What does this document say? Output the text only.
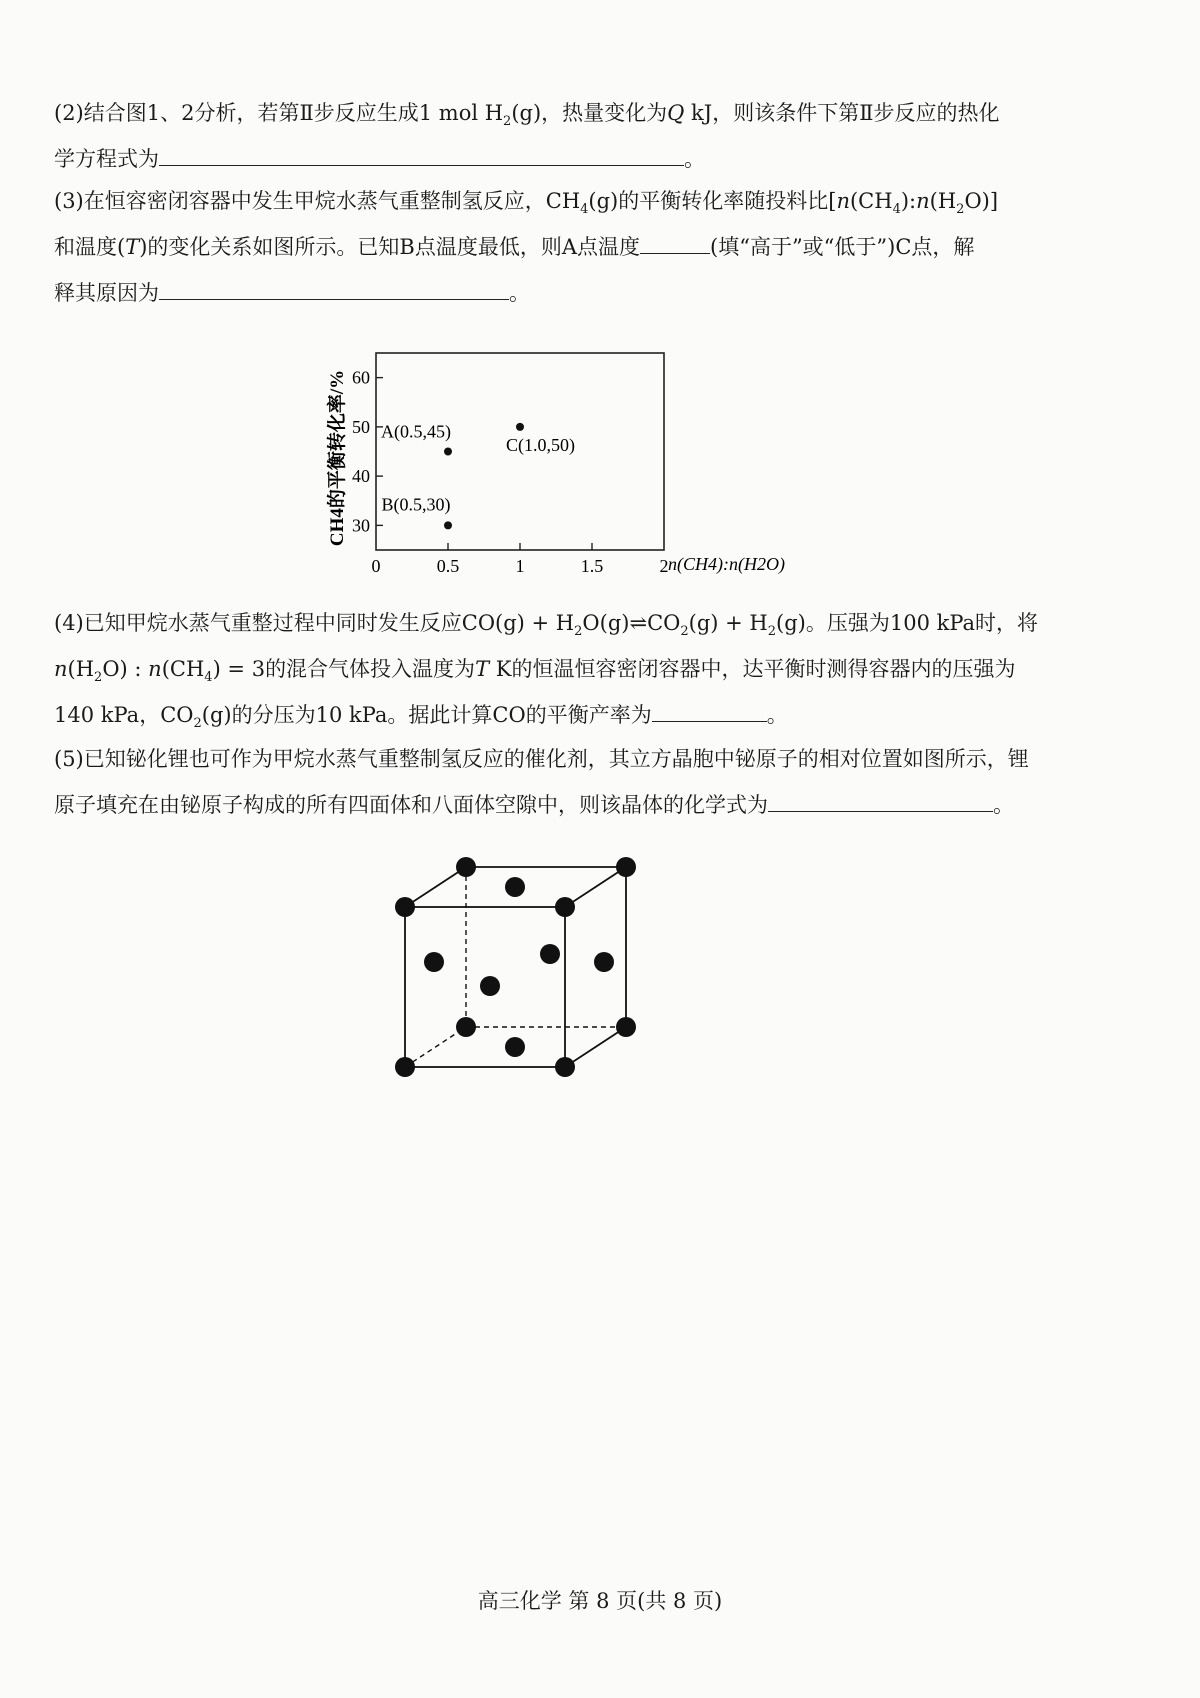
(2)结合图1、2分析，若第Ⅱ步反应生成1 mol $H_2(g)$，热量变化为Q kJ，则该条件下第Ⅱ步反应的热化

学方程式为	。

(3)在恒容密闭容器中发生甲烷水蒸气重整制氢反应，$CH_4(g)$的平衡转化率随投料比$[n(CH_4):n(H_2O)]$

和温度(T)的变化关系如图所示。已知B点温度最低，则A点温度	(填“高于”或“低于”)C点，解

释其原因为	。

30
40
50
60
0	0.5	1	1.5	2
A(0.5,45)
C(1.0,50)
B(0.5,30)
CH4的平衡转化率/%
n(CH4):n(H2O)

(4)已知甲烷水蒸气重整过程中同时发生反应$CO(g) + H_2O(g)\rightleftharpoons CO_2(g) + H_2(g)$。压强为100 kPa时，将

$n(H_2O)$ : $n(CH_4) = 3$的混合气体投入温度为T K的恒温恒容密闭容器中，达平衡时测得容器内的压强为

140 kPa，$CO_2(g)$的分压为10 kPa。据此计算CO的平衡产率为	。

(5)已知铋化锂也可作为甲烷水蒸气重整制氢反应的催化剂，其立方晶胞中铋原子的相对位置如图所示，锂

原子填充在由铋原子构成的所有四面体和八面体空隙中，则该晶体的化学式为	。

高三化学 第 8 页(共 8 页)
